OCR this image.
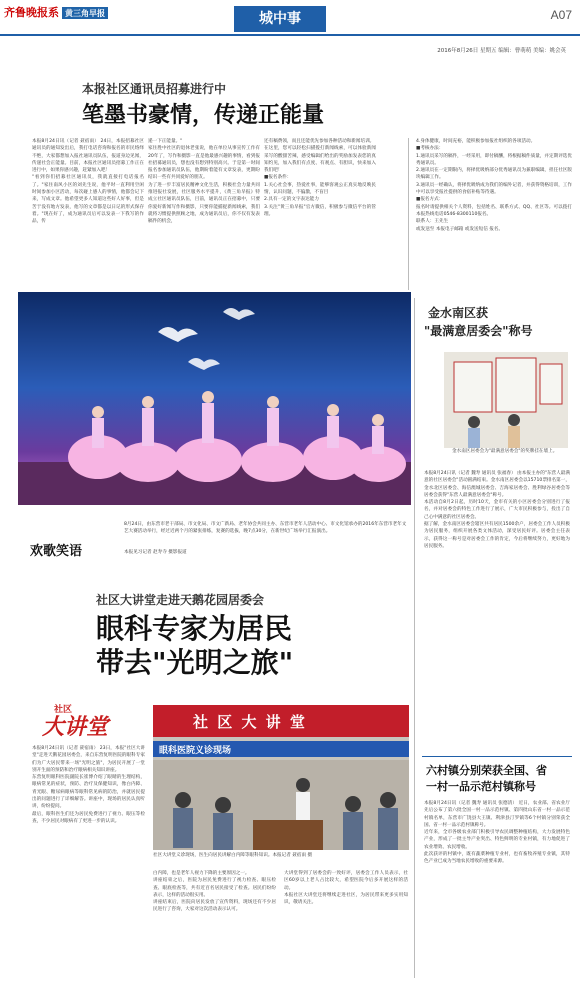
齐鲁晚报系 黄三角早报	城中事	A07
2016年8月26日 星期五 编辑：曹萌萌 美编：姚会英
本报社区通讯员招募进行中
笔墨书豪情，传递正能量
本报8月24日讯（记者 聂宿雨） 24日，本报招募社区通讯员的通知发出后，我打电话咨询和报名的市民络绎不绝，大家都想加入报社通讯员队伍，报道身边见闻，传递社会正能量。目前，本报社区通讯员招募工作正在进行中，如果你感兴趣，赶紧加入吧！
"看到你们招募社区通讯员，我就直接打电话报名了。"家住南风小区的刘先生说，他平时一直利用空闲时间参加小区活动，每次碰上感人的事情，他都会记下来，写成文章。他希望更多人知道这些好人好事，但是苦于没有地方发表，他写的文章都是以日记的形式保存着。"现在好了，成为通讯员后可以发表一下我写的作品，传
递一下正能量。"
家住胜中社区的退休老张说，他在单位从事宣传工作有20年了，写作和摄影一直是他最感兴趣的事情，看到报社招募通讯员，想也没有想到特别高兴。于是第一时间报名参加通讯员队伍，他期盼着能有文章发表，更期盼结识一些有共同爱好的朋友。
为了进一步丰富居民精神文化生活，积极社会力量共同推进报社发展，社区服务水平提升，《黄三角早报》特成立社区通讯员队伍，目前，通讯员正在招募中，只要你爱好新闻写作和摄影，只要你能捕捉新闻线索，我们就将习惯提供照顾之地，成为通讯员后，你不仅有发表稿件的机会，
还有稿费领，而且还能优先参加各种活动和新闻培训。
在这里，您可以轻松扫描拨打新闻线索，可以体验新闻采写的酸甜苦辣，感受编辑们给出的奖励加发表您的真知灼见，加入我们有点度、有观点、有胆识，快来加入我们吧！
■报名条件：
1.关心社会事，热爱社事，能够客观公正真实地反映民情，认识问题，不偏激，不盲目
2.具有一定的文字表达能力
3.关注"黄三角早报"官方微信，积极参与微信平台的管理。
4.身体健康，时间充裕，能积极参加报社组织的各项活动。
■考核办法：
1.通讯员采写的稿件，一经采用，即付稿酬，将根据稿件质量，并定期评选优秀通讯员。
2.通讯员在一定期限内，将择优吸纳部分优秀通讯员为兼职编辑，担任社区版块编辑工作。
3.通讯员一经确认，将择优吸纳成为我们的编外记者，并获得资格培训，工作中可以享受报社提供的食宿补贴等待遇。
■报名方式：
报名时请提供相关个人资料，包括姓名、联系方式、QQ、社区等。可以拨打本报热线电话0546-8300110报名。
联系人：王先生
或发送至 本报电子邮箱 或发送短信 报名。
欢歌笑语
8月24日，由东营市老干部局、市文化局、市文广新局、老年协会共同主办、东营市老年人活动中心、市文化馆承办的2016年东营市老年文艺大赛活动举行，经过近两个月的紧张排练，复赛的选拔，晚7点30分，在新世纪广场举行汇报演出。
本报见习记者 赵寿寺 摄影报道
社区大讲堂走进天鹅花园居委会
眼科专家为居民
带去"光明之旅"
社区
大讲堂
本报8月24日讯（记者 聂宿雨） 23日，本报"社区大讲堂"走进天鹅花园居委会，来自东营复明医院的眼科专家们为广大居民带来一场"光明之旅"，为居民开展了一堂别开生面的预防和治疗眼病相关知识讲座。
东营复明眼科医院副院长崔博介绍了眼睛的生理结构，眼病常见的症状，预防、治疗及保健知识，像白内障、青光眼、糖尿病眼病等眼科常见病的防治，并就居民提出的问题进行了详细解答。讲座中，现场的居民认真听讲，纷纷提问。
最后，眼科医生们还为居民免费进行了视力、眼压等检查，不少居民对眼病有了更进一步的认识。
社 区 大 讲 堂
眼科医院义诊现场
社区大讲堂义诊现场，医生向居民讲解白内障等眼科知识。本报记者 聂宿雨 摄
白内障，也是老年人视力下降的主要原因之一。
讲座结束之后，医院为居民免费进行了视力检查、眼压检查、眼底检查等，共有近百名居民接受了检查。居民们纷纷表示，这样的活动很实用。
讲座结束后，医院向居民发放了宣传资料，现场还有不少居民进行了咨询，大家对这次活动表示认可。
大讲堂得到了居委会的一致好评，居委会工作人员表示，社区60岁以上老人占比较大，希望医院今后多开展这样的活动。
本报社区大讲堂还将继续走进社区，为居民带来更多实用知识，敬请关注。
金水南区获
"最满意居委会"称号
金水南区居委会为"最满意居委会"的奖牌挂在墙上。
本报8月24日讯（记者 魏寿 通讯员 张福春） 由本报主办的"东营人最满意的社区居委会"活动圆满结束。金水南区居委会以15710票排名第一，金水北区居委会、海信澳城居委会、吉海家居委会、胜利绿谷居委会等居委会获得"东营人最满意居委会"称号。
本活动自8月2日起，历时10天，金市有关的小区居委会分别进行了报名，并对居委会的特色工作进行了展示，广大市民积极参与，投出了自己心中满意的社区居委会。
据了解，金水南区居委会辖区共有居民1500余户，居委会工作人员积极为居民服务，组织开展各类文体活动，深受居民好评。居委会主任表示，获得这一称号是对居委会工作的肯定，今后将继续努力，更好地为居民服务。
六村镇分别荣获全国、省
一村一品示范村镇称号
本报8月24日讯（记者 魏寿 通讯员 张德清） 近日，农业部、省农业厅先后公布了第六批全国一村一品示范村镇、第四批山东省一村一品示范村镇名单，东营市广饶县大王镇、利津县汀罗镇等6个村镇分别荣获全国、省一村一品示范村镇称号。
近年来，全市各级农业部门积极引导农民调整种植结构，大力发展特色产业，形成了一批主导产业突出、特色鲜明的专业村镇，有力地促进了农业增效、农民增收。
此次获评的村镇中，既有蔬菜种植专业村，也有畜牧养殖专业镇，其特色产业已成为当地农民增收的重要来源。
